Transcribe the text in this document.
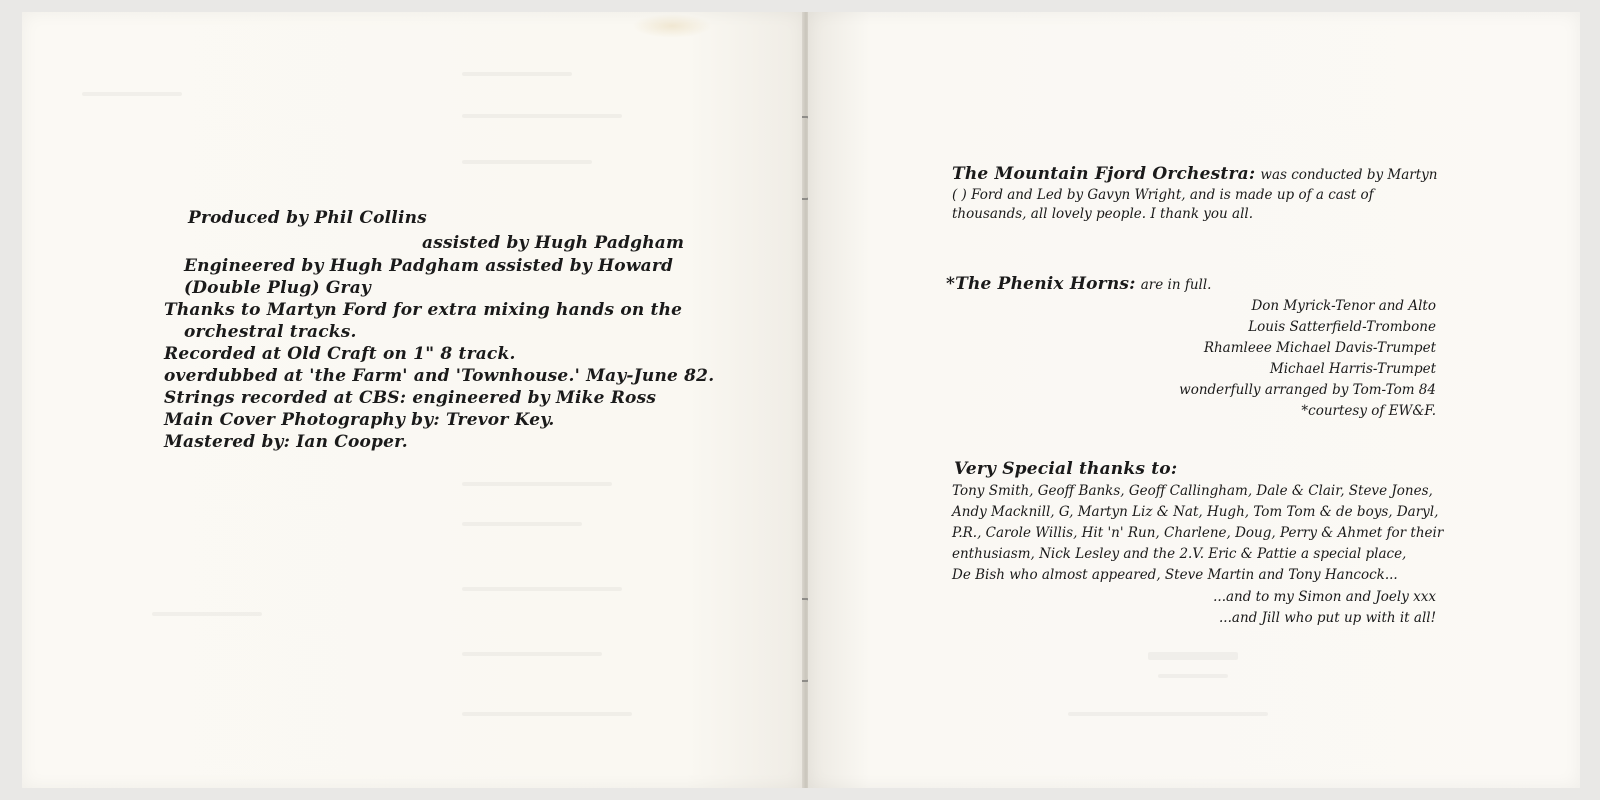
Produced by Phil Collins
assisted by Hugh Padgham
Engineered by Hugh Padgham assisted by Howard
(Double Plug) Gray
Thanks to Martyn Ford for extra mixing hands on the
orchestral tracks.
Recorded at Old Craft on 1" 8 track.
overdubbed at 'the Farm' and 'Townhouse.' May-June 82.
Strings recorded at CBS: engineered by Mike Ross
Main Cover Photography by: Trevor Key.
Mastered by: Ian Cooper.
The Mountain Fjord Orchestra: was conducted by Martyn
( ) Ford and Led by Gavyn Wright, and is made up of a cast of
thousands, all lovely people. I thank you all.
*The Phenix Horns: are in full.
Don Myrick-Tenor and Alto
Louis Satterfield-Trombone
Rhamleee Michael Davis-Trumpet
Michael Harris-Trumpet
wonderfully arranged by Tom-Tom 84
*courtesy of EW&F.
Very Special thanks to:
Tony Smith, Geoff Banks, Geoff Callingham, Dale & Clair, Steve Jones,
Andy Macknill, G, Martyn Liz & Nat, Hugh, Tom Tom & de boys, Daryl,
P.R., Carole Willis, Hit 'n' Run, Charlene, Doug, Perry & Ahmet for their
enthusiasm, Nick Lesley and the 2.V. Eric & Pattie a special place,
De Bish who almost appeared, Steve Martin and Tony Hancock...
...and to my Simon and Joely xxx
...and Jill who put up with it all!
